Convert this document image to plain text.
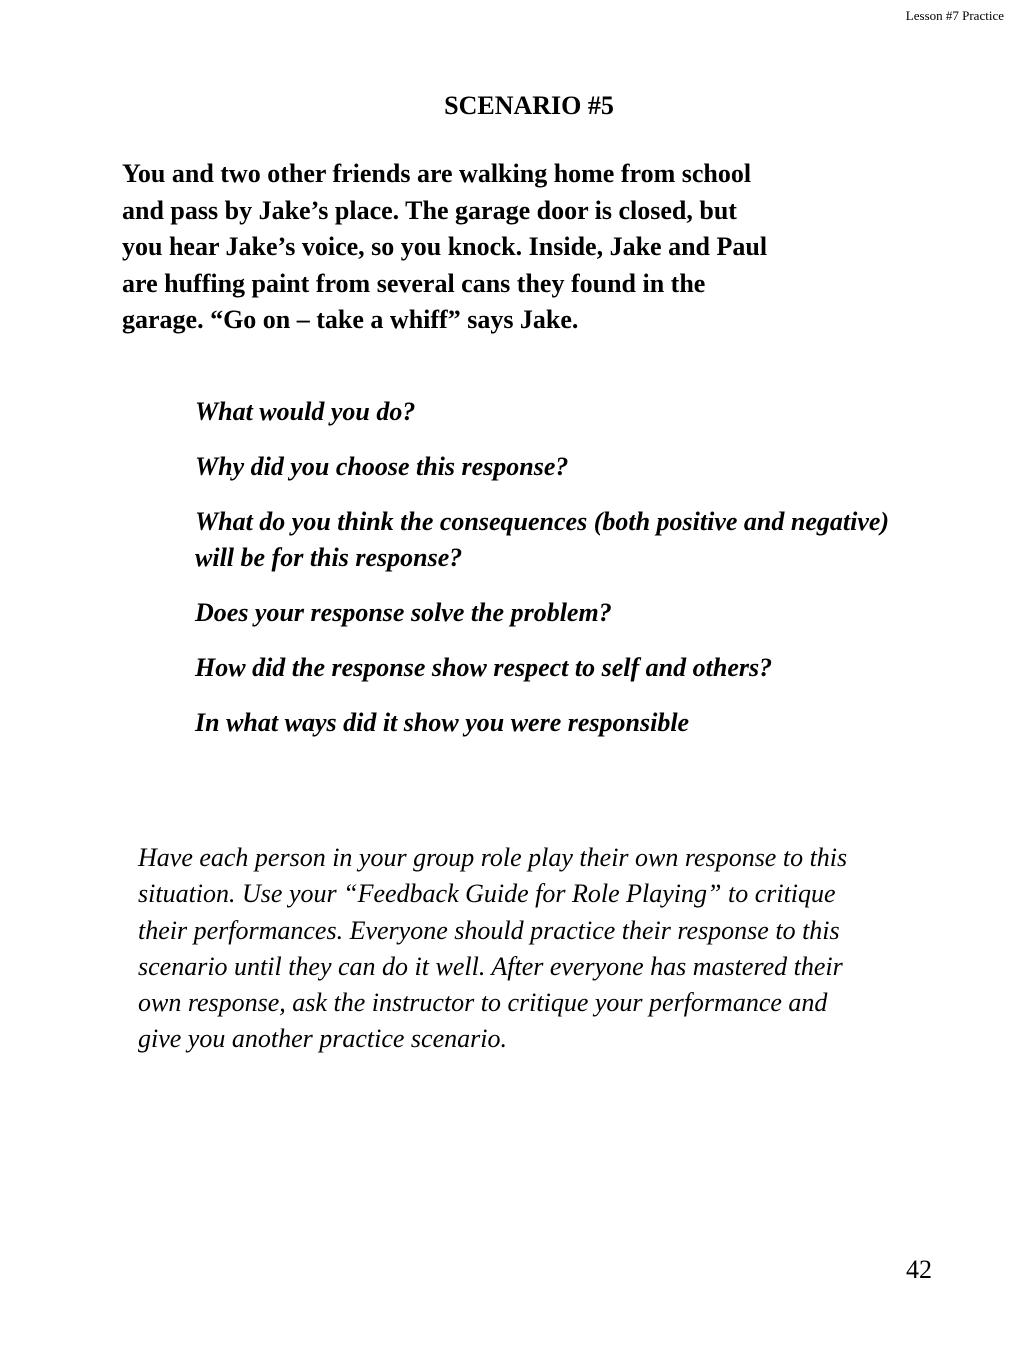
Lesson #7 Practice
SCENARIO #5

You and two other friends are walking home from school
and pass by Jake’s place. The garage door is closed, but
you hear Jake’s voice, so you knock. Inside, Jake and Paul
are huffing paint from several cans they found in the
garage. “Go on – take a whiff” says Jake.

What would you do?
Why did you choose this response?
What do you think the consequences (both positive and negative) will be for this response?
Does your response solve the problem?
How did the response show respect to self and others?
In what ways did it show you were responsible

Have each person in your group role play their own response to this
situation. Use your “Feedback Guide for Role Playing” to critique
their performances. Everyone should practice their response to this
scenario until they can do it well. After everyone has mastered their
own response, ask the instructor to critique your performance and
give you another practice scenario.

42
